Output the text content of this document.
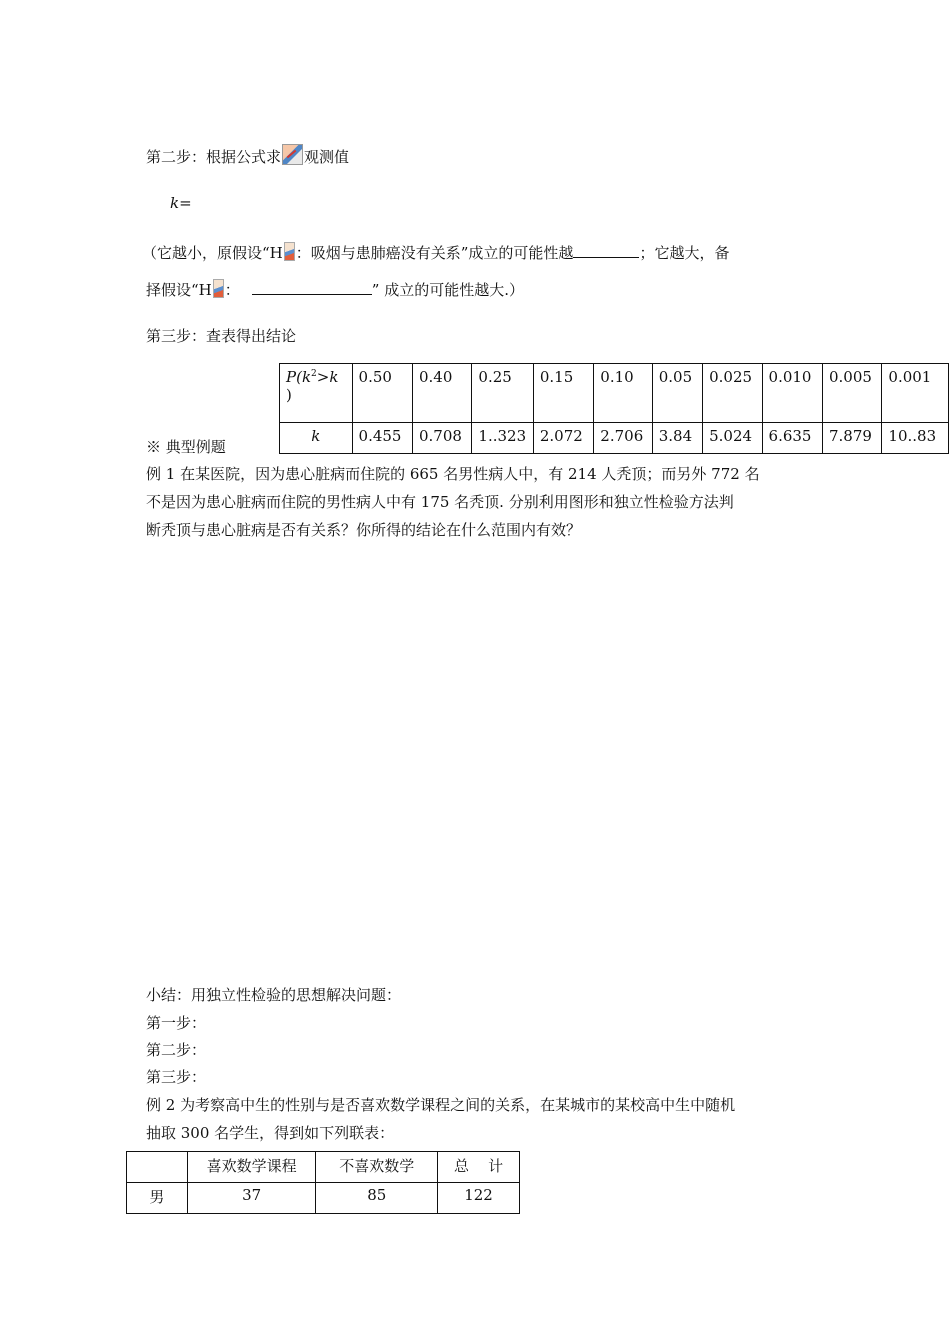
第二步：根据公式求 观测值
k=
（它越小，原假设“H ：吸烟与患肺癌没有关系”成立的可能性越	；它越大，备
择假设“H ：	” 成立的可能性越大.）
第三步：查表得出结论
$P(k^2>k$
)	0.50	0.40	0.25	0.15	0.10	0.05	0.025	0.010	0.005	0.001
k	0.455	0.708	1..323	2.072	2.706	3.84	5.024	6.635	7.879	10..83
※ 典型例题
例 1 在某医院，因为患心脏病而住院的 665 名男性病人中，有 214 人秃顶；而另外 772 名
不是因为患心脏病而住院的男性病人中有 175 名秃顶. 分别利用图形和独立性检验方法判
断秃顶与患心脏病是否有关系？你所得的结论在什么范围内有效？
小结：用独立性检验的思想解决问题：
第一步：
第二步：
第三步：
例 2 为考察高中生的性别与是否喜欢数学课程之间的关系，在某城市的某校高中生中随机
抽取 300 名学生，得到如下列联表：
	喜欢数学课程	不喜欢数学	总    计
男	37	85	122
